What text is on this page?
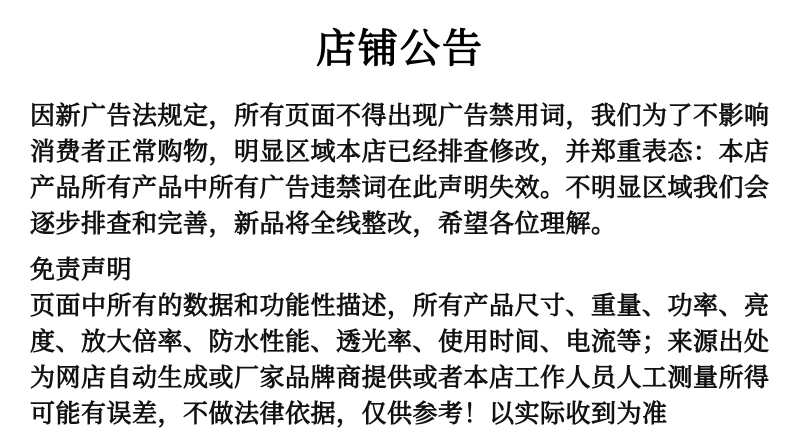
店铺公告

因新广告法规定，所有页面不得出现广告禁用词，我们为了不影响消费者正常购物，明显区域本店已经排查修改，并郑重表态：本店产品所有产品中所有广告违禁词在此声明失效。不明显区域我们会逐步排查和完善，新品将全线整改，希望各位理解。

免责声明

页面中所有的数据和功能性描述，所有产品尺寸、重量、功率、亮度、放大倍率、防水性能、透光率、使用时间、电流等；来源出处为网店自动生成或厂家品牌商提供或者本店工作人员人工测量所得可能有误差，不做法律依据，仅供参考！以实际收到为准
